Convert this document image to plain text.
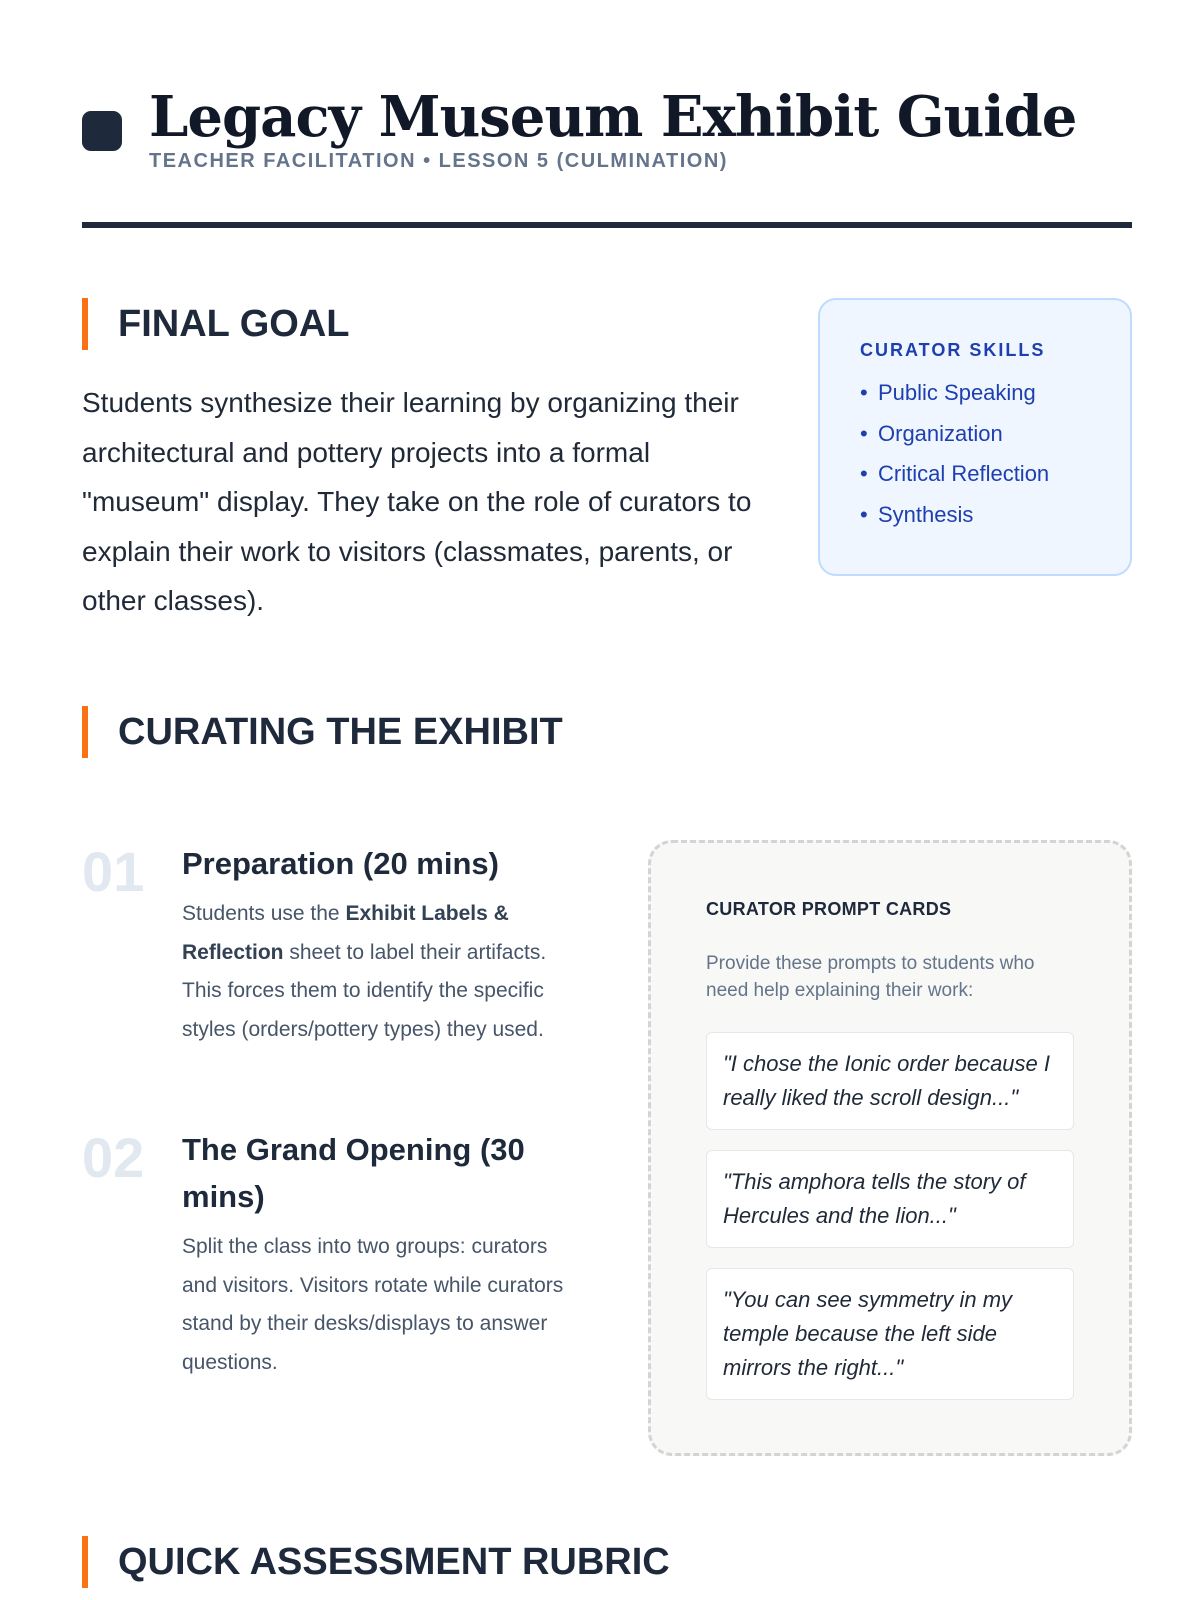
Legacy Museum Exhibit Guide
TEACHER FACILITATION • LESSON 5 (CULMINATION)
FINAL GOAL

Students synthesize their learning by organizing their architectural and pottery projects into a formal "museum" display. They take on the role of curators to explain their work to visitors (classmates, parents, or other classes).

CURATOR SKILLS
• Public Speaking
• Organization
• Critical Reflection
• Synthesis
CURATING THE EXHIBIT
01 Preparation (20 mins)

Students use the Exhibit Labels & Reflection sheet to label their artifacts. This forces them to identify the specific styles (orders/pottery types) they used.

02 The Grand Opening (30 mins)

Split the class into two groups: curators and visitors. Visitors rotate while curators stand by their desks/displays to answer questions.

CURATOR PROMPT CARDS

Provide these prompts to students who need help explaining their work:

"I chose the Ionic order because I really liked the scroll design..."
"This amphora tells the story of Hercules and the lion..."
"You can see symmetry in my temple because the left side mirrors the right..."
QUICK ASSESSMENT RUBRIC
